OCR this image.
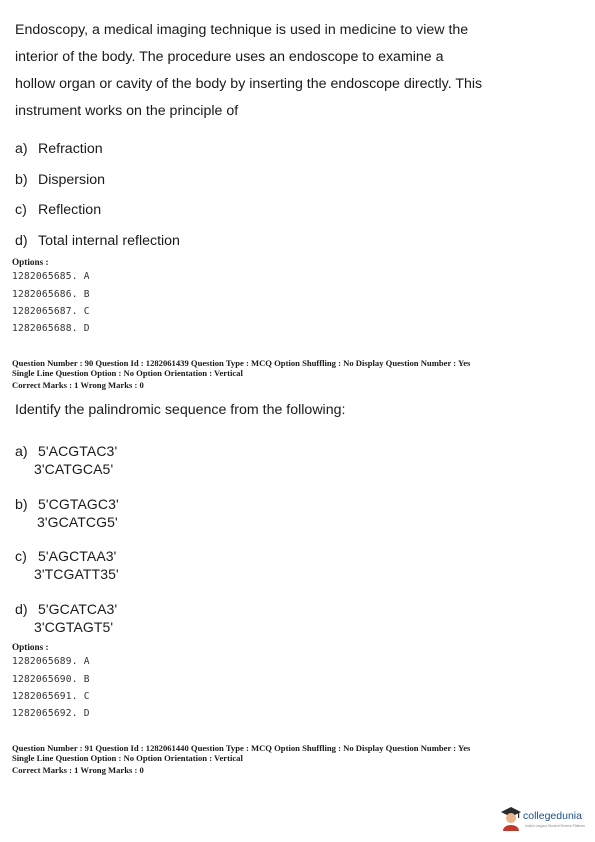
Endoscopy, a medical imaging technique is used in medicine to view the
interior of the body. The procedure uses an endoscope to examine a
hollow organ or cavity of the body by inserting the endoscope directly. This
instrument works on the principle of
a) Refraction
b) Dispersion
c) Reflection
d) Total internal reflection
Options :
1282065685. A
1282065686. B
1282065687. C
1282065688. D
Question Number : 90 Question Id : 1282061439 Question Type : MCQ Option Shuffling : No Display Question Number : Yes
Single Line Question Option : No Option Orientation : Vertical
Correct Marks : 1 Wrong Marks : 0
Identify the palindromic sequence from the following:
a) 5'ACGTAC3'
3'CATGCA5'
b) 5'CGTAGC3'
3'GCATCG5'
c) 5'AGCTAA3'
3'TCGATT35'
d) 5'GCATCA3'
3'CGTAGT5'
Options :
1282065689. A
1282065690. B
1282065691. C
1282065692. D
Question Number : 91 Question Id : 1282061440 Question Type : MCQ Option Shuffling : No Display Question Number : Yes
Single Line Question Option : No Option Orientation : Vertical
Correct Marks : 1 Wrong Marks : 0
collegedunia
India's Largest Student Review Platform
